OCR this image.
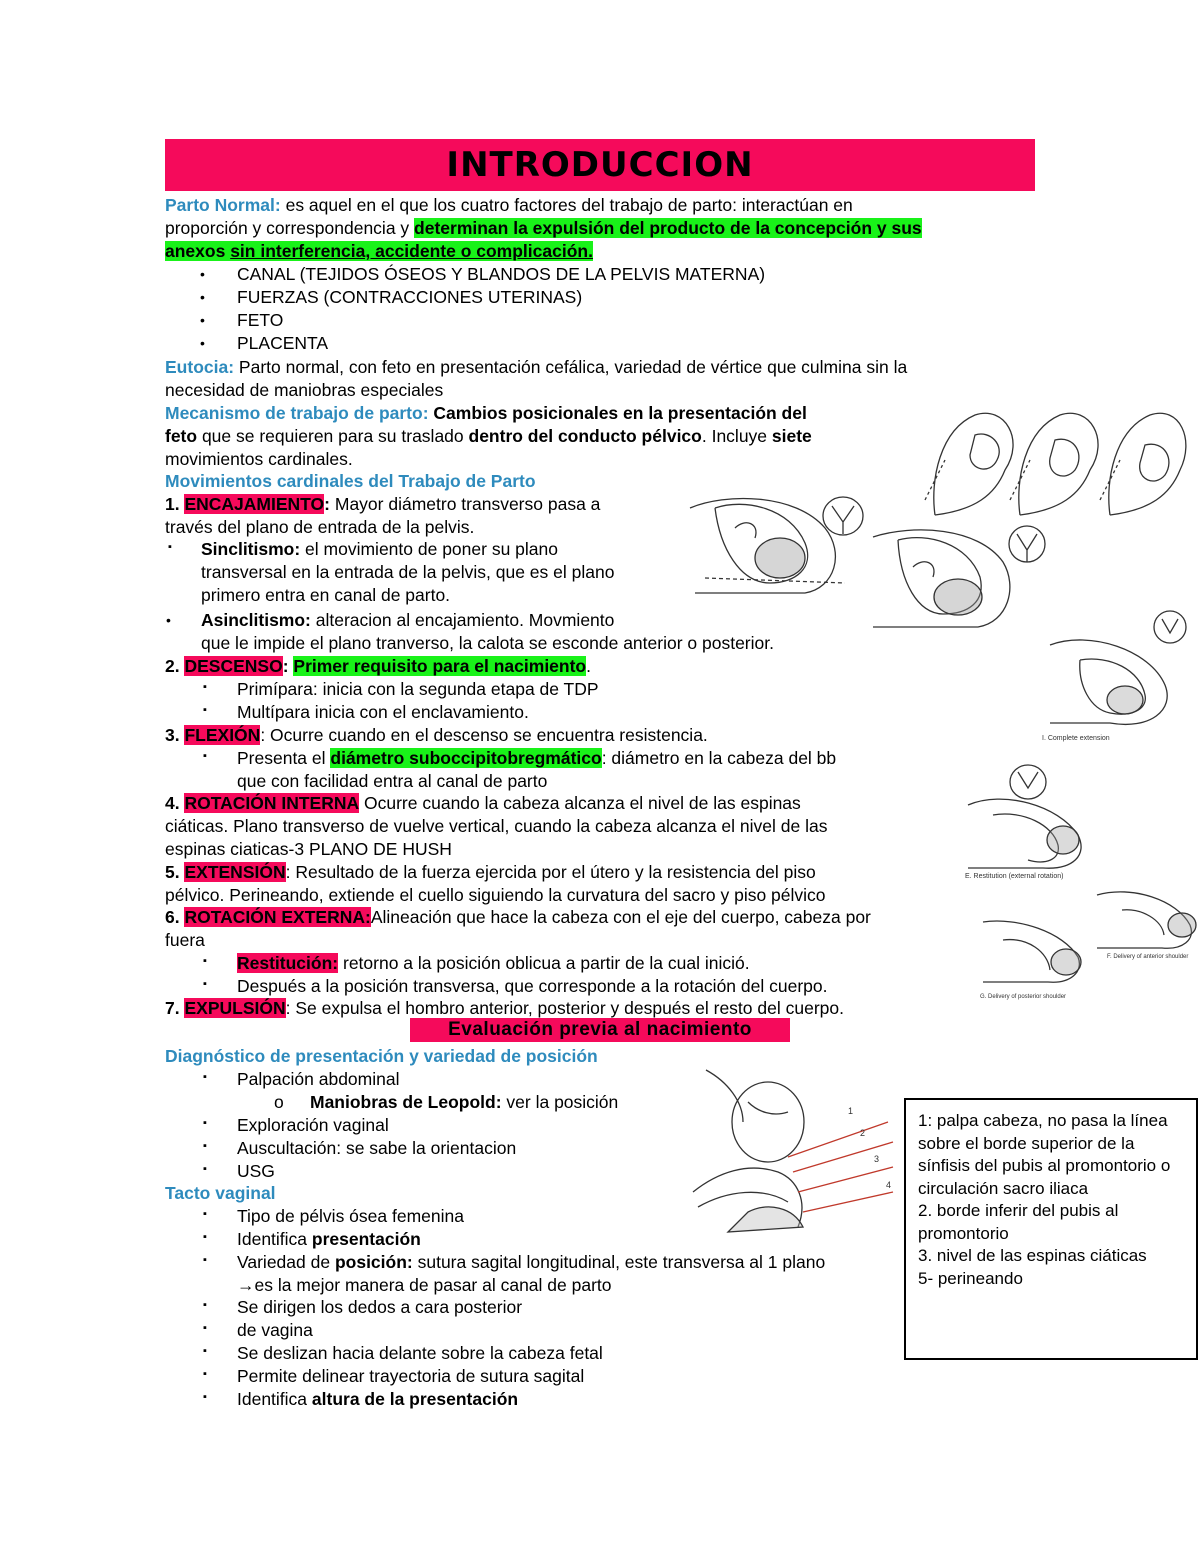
INTRODUCCION
Parto Normal: es aquel en el que los cuatro factores del trabajo de parto: interactúan en
proporción y correspondencia y determinan la expulsión del producto de la concepción y sus
anexos sin interferencia, accidente o complicación.
• CANAL (TEJIDOS ÓSEOS Y BLANDOS DE LA PELVIS MATERNA)
• FUERZAS (CONTRACCIONES UTERINAS)
• FETO
• PLACENTA
Eutocia: Parto normal, con feto en presentación cefálica, variedad de vértice que culmina sin la
necesidad de maniobras especiales
Mecanismo de trabajo de parto: Cambios posicionales en la presentación del
feto que se requieren para su traslado dentro del conducto pélvico. Incluye siete
movimientos cardinales.
Movimientos cardinales del Trabajo de Parto
1. ENCAJAMIENTO: Mayor diámetro transverso pasa a
través del plano de entrada de la pelvis.
▪ Sinclitismo: el movimiento de poner su plano
transversal en la entrada de la pelvis, que es el plano
primero entra en canal de parto.
• Asinclitismo: alteracion al encajamiento. Movmiento
que le impide el plano tranverso, la calota se esconde anterior o posterior.
2. DESCENSO: Primer requisito para el nacimiento.
▪ Primípara: inicia con la segunda etapa de TDP
▪ Multípara inicia con el enclavamiento.
3. FLEXIÓN: Ocurre cuando en el descenso se encuentra resistencia.
▪ Presenta el diámetro suboccipitobregmático: diámetro en la cabeza del bb
que con facilidad entra al canal de parto
4. ROTACIÓN INTERNA Ocurre cuando la cabeza alcanza el nivel de las espinas
ciáticas. Plano transverso de vuelve vertical, cuando la cabeza alcanza el nivel de las
espinas ciaticas-3 PLANO DE HUSH
5. EXTENSIÓN: Resultado de la fuerza ejercida por el útero y la resistencia del piso
pélvico. Perineando, extiende el cuello siguiendo la curvatura del sacro y piso pélvico
6. ROTACIÓN EXTERNA:Alineación que hace la cabeza con el eje del cuerpo, cabeza por
fuera
▪ Restitución: retorno a la posición oblicua a partir de la cual inició.
▪ Después a la posición transversa, que corresponde a la rotación del cuerpo.
7. EXPULSIÓN: Se expulsa el hombro anterior, posterior y después el resto del cuerpo.
Evaluación previa al nacimiento
Diagnóstico de presentación y variedad de posición
▪ Palpación abdominal
o Maniobras de Leopold: ver la posición
▪ Exploración vaginal
▪ Auscultación: se sabe la orientacion
▪ USG
Tacto vaginal
▪ Tipo de pélvis ósea femenina
▪ Identifica presentación
▪ Variedad de posición: sutura sagital longitudinal, este transversa al 1 plano
→es la mejor manera de pasar al canal de parto
▪ Se dirigen los dedos a cara posterior
▪ de vagina
▪ Se deslizan hacia delante sobre la cabeza fetal
▪ Permite delinear trayectoria de sutura sagital
▪ Identifica altura de la presentación
1: palpa cabeza, no pasa la línea sobre el borde superior de la sínfisis del pubis al promontorio o circulación sacro iliaca
2. borde inferir del pubis al promontorio
3. nivel de las espinas ciáticas
5- perineando
I. Complete extension
E. Restitution (external rotation)
F. Delivery of anterior shoulder
G. Delivery of posterior shoulder
1
2
3
4
